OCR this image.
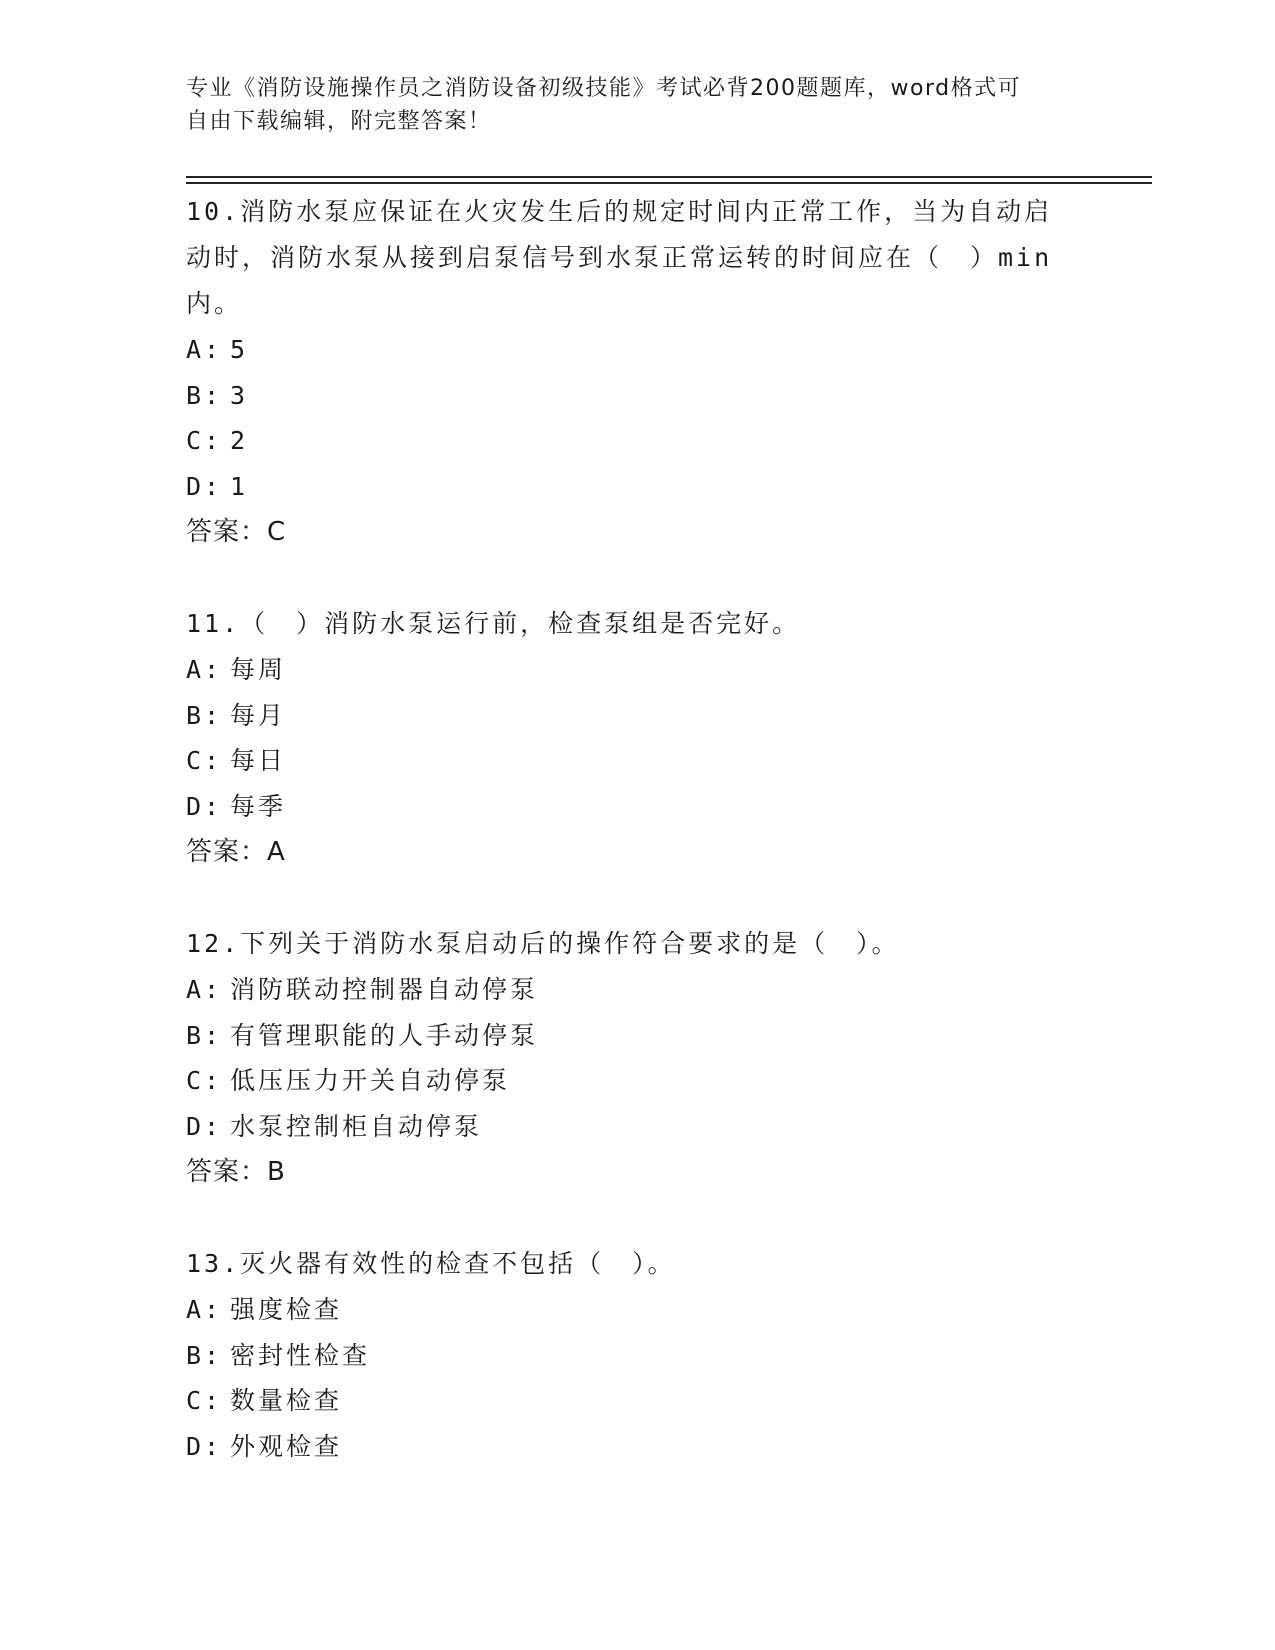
专业《消防设施操作员之消防设备初级技能》考试必背200题题库，word格式可
自由下载编辑，附完整答案！
10.消防水泵应保证在火灾发生后的规定时间内正常工作，当为自动启
动时，消防水泵从接到启泵信号到水泵正常运转的时间应在（　）min
内。
A: 5
B: 3
C: 2
D: 1
答案：C
11.（　）消防水泵运行前，检查泵组是否完好。
A: 每周
B: 每月
C: 每日
D: 每季
答案：A
12.下列关于消防水泵启动后的操作符合要求的是（　）。
A: 消防联动控制器自动停泵
B: 有管理职能的人手动停泵
C: 低压压力开关自动停泵
D: 水泵控制柜自动停泵
答案：B
13.灭火器有效性的检查不包括（　）。
A: 强度检查
B: 密封性检查
C: 数量检查
D: 外观检查
